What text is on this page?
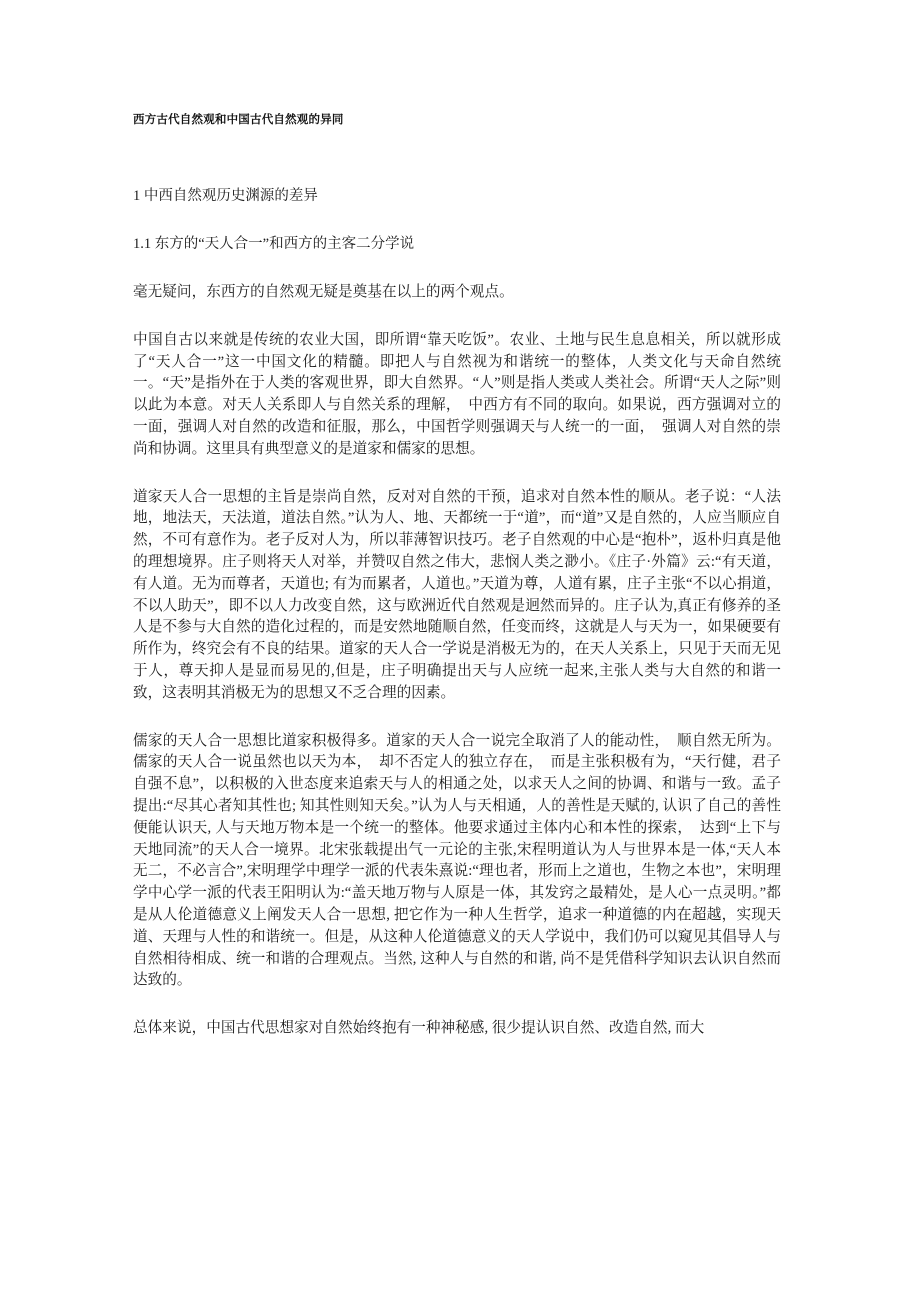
西方古代自然观和中国古代自然观的异同
1 中西自然观历史渊源的差异
1.1 东方的“天人合一”和西方的主客二分学说

毫无疑问，东西方的自然观无疑是奠基在以上的两个观点。

中国自古以来就是传统的农业大国，即所谓“靠天吃饭”。农业、土地与民生息息相关，所以就形成了“天人合一”这一中国文化的精髓。即把人与自然视为和谐统一的整体，人类文化与天命自然统一。“天”是指外在于人类的客观世界，即大自然界。“人”则是指人类或人类社会。所谓“天人之际”则以此为本意。对天人关系即人与自然关系的理解，　中西方有不同的取向。如果说，西方强调对立的一面，强调人对自然的改造和征服，那么，中国哲学则强调天与人统一的一面，　强调人对自然的崇尚和协调。这里具有典型意义的是道家和儒家的思想。

道家天人合一思想的主旨是崇尚自然，反对对自然的干预，追求对自然本性的顺从。老子说：“人法地，地法天，天法道，道法自然。”认为人、地、天都统一于“道”，而“道”又是自然的，人应当顺应自然，不可有意作为。老子反对人为，所以菲薄智识技巧。老子自然观的中心是“抱朴”，返朴归真是他的理想境界。庄子则将天人对举，并赞叹自然之伟大，悲悯人类之渺小。《庄子·外篇》云:“有天道，有人道。无为而尊者，天道也; 有为而累者，人道也。”天道为尊，人道有累，庄子主张“不以心捐道，不以人助天”，即不以人力改变自然，这与欧洲近代自然观是迥然而异的。庄子认为,真正有修养的圣人是不参与大自然的造化过程的，而是安然地随顺自然，任变而终，这就是人与天为一，如果硬要有所作为，终究会有不良的结果。道家的天人合一学说是消极无为的，在天人关系上，只见于天而无见于人，尊天抑人是显而易见的,但是，庄子明确提出天与人应统一起来,主张人类与大自然的和谐一致，这表明其消极无为的思想又不乏合理的因素。

儒家的天人合一思想比道家积极得多。道家的天人合一说完全取消了人的能动性，　顺自然无所为。儒家的天人合一说虽然也以天为本，　却不否定人的独立存在，　而是主张积极有为，“天行健，君子自强不息”，以积极的入世态度来追索天与人的相通之处，以求天人之间的协调、和谐与一致。孟子提出:“尽其心者知其性也; 知其性则知天矣。”认为人与天相通，人的善性是天赋的, 认识了自己的善性便能认识天, 人与天地万物本是一个统一的整体。他要求通过主体内心和本性的探索，　达到“上下与天地同流”的天人合一境界。北宋张载提出气一元论的主张,宋程明道认为人与世界本是一体,“天人本无二，不必言合”,宋明理学中理学一派的代表朱熹说:“理也者，形而上之道也，生物之本也”，宋明理学中心学一派的代表王阳明认为:“盖天地万物与人原是一体，其发窍之最精处，是人心一点灵明。”都是从人伦道德意义上阐发天人合一思想, 把它作为一种人生哲学，追求一种道德的内在超越，实现天道、天理与人性的和谐统一。但是，从这种人伦道德意义的天人学说中，我们仍可以窥见其倡导人与自然相待相成、统一和谐的合理观点。当然, 这种人与自然的和谐, 尚不是凭借科学知识去认识自然而达致的。

总体来说，中国古代思想家对自然始终抱有一种神秘感, 很少提认识自然、改造自然, 而大
